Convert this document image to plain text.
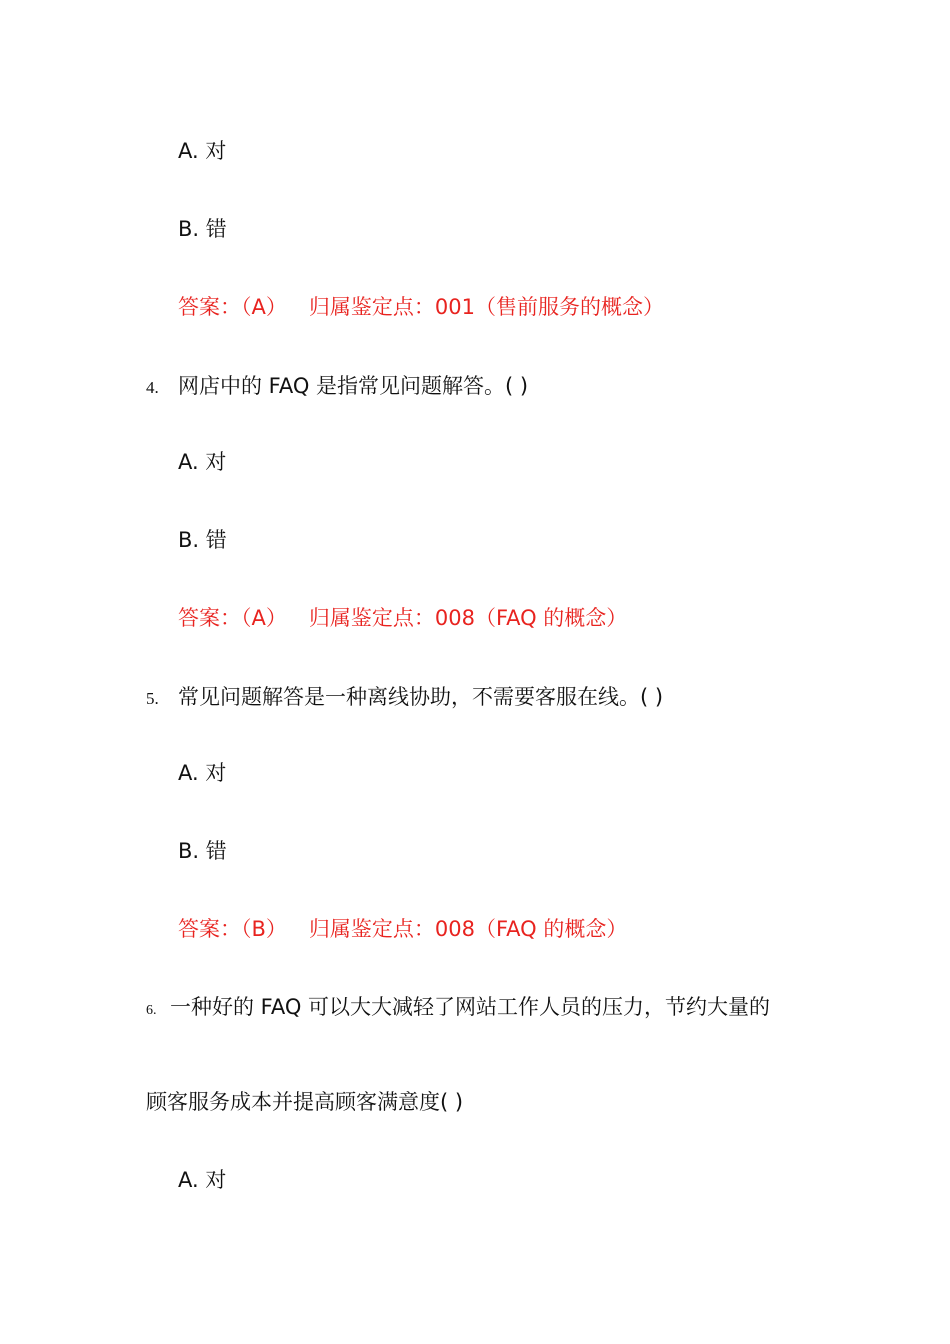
A. 对
B. 错
答案：（A） 归属鉴定点：001（售前服务的概念）
4. 网店中的 FAQ 是指常见问题解答。( )
A. 对
B. 错
答案：（A） 归属鉴定点：008（FAQ 的概念）
5. 常见问题解答是一种离线协助，不需要客服在线。( )
A. 对
B. 错
答案：（B） 归属鉴定点：008（FAQ 的概念）
6. 一种好的 FAQ 可以大大减轻了网站工作人员的压力，节约大量的
顾客服务成本并提高顾客满意度( )
A. 对
